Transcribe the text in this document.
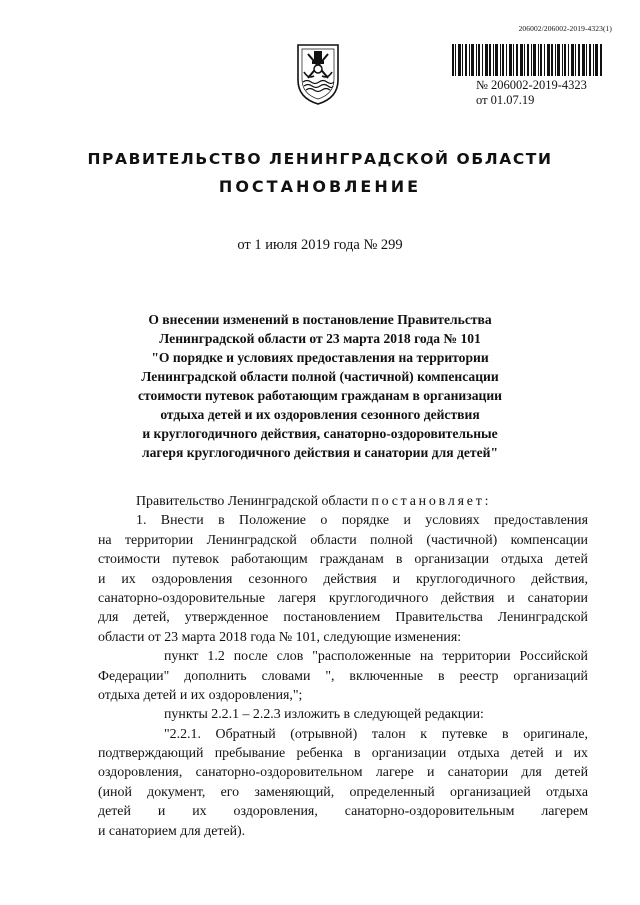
206002/206002-2019-4323(1)
№ 206002-2019-4323
от 01.07.19
ПРАВИТЕЛЬСТВО ЛЕНИНГРАДСКОЙ ОБЛАСТИ
ПОСТАНОВЛЕНИЕ
от 1 июля 2019 года № 299
О внесении изменений в постановление Правительства
Ленинградской области от 23 марта 2018 года № 101
"О порядке и условиях предоставления на территории
Ленинградской области полной (частичной) компенсации
стоимости путевок работающим гражданам в организации
отдыха детей и их оздоровления сезонного действия
и круглогодичного действия, санаторно-оздоровительные
лагеря круглогодичного действия и санатории для детей"
Правительство Ленинградской области постановляет:
1. Внести в Положение о порядке и условиях предоставления
на территории Ленинградской области полной (частичной) компенсации
стоимости путевок работающим гражданам в организации отдыха детей
и их оздоровления сезонного действия и круглогодичного действия,
санаторно-оздоровительные лагеря круглогодичного действия и санатории
для детей, утвержденное постановлением Правительства Ленинградской
области от 23 марта 2018 года № 101, следующие изменения:
пункт 1.2 после слов "расположенные на территории Российской
Федерации" дополнить словами ", включенные в реестр организаций
отдыха детей и их оздоровления,";
пункты 2.2.1 – 2.2.3 изложить в следующей редакции:
"2.2.1. Обратный (отрывной) талон к путевке в оригинале,
подтверждающий пребывание ребенка в организации отдыха детей и их
оздоровления, санаторно-оздоровительном лагере и санатории для детей
(иной документ, его заменяющий, определенный организацией отдыха
детей и их оздоровления, санаторно-оздоровительным лагерем
и санаторием для детей).
